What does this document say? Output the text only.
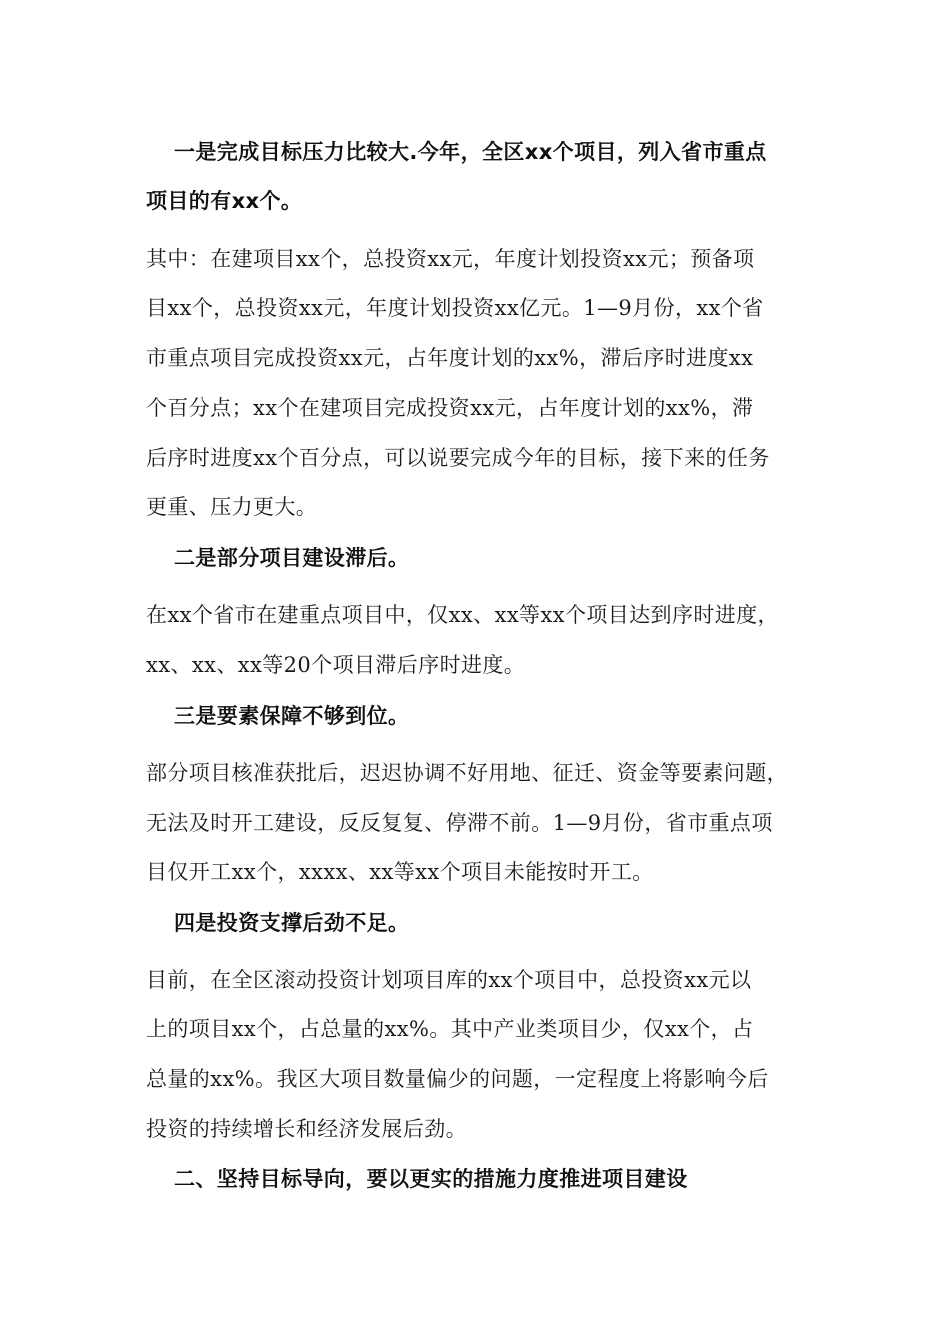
一是完成目标压力比较大.今年，全区xx个项目，列入省市重点
项目的有xx个。
其中：在建项目xx个，总投资xx元，年度计划投资xx元；预备项
目xx个，总投资xx元，年度计划投资xx亿元。1—9月份，xx个省
市重点项目完成投资xx元，占年度计划的xx%，滞后序时进度xx
个百分点；xx个在建项目完成投资xx元，占年度计划的xx%，滞
后序时进度xx个百分点，可以说要完成今年的目标，接下来的任务
更重、压力更大。
二是部分项目建设滞后。
在xx个省市在建重点项目中，仅xx、xx等xx个项目达到序时进度，
xx、xx、xx等20个项目滞后序时进度。
三是要素保障不够到位。
部分项目核准获批后，迟迟协调不好用地、征迁、资金等要素问题，
无法及时开工建设，反反复复、停滞不前。1—9月份，省市重点项
目仅开工xx个，xxxx、xx等xx个项目未能按时开工。
四是投资支撑后劲不足。
目前，在全区滚动投资计划项目库的xx个项目中，总投资xx元以
上的项目xx个，占总量的xx%。其中产业类项目少，仅xx个，占
总量的xx%。我区大项目数量偏少的问题，一定程度上将影响今后
投资的持续增长和经济发展后劲。
二、坚持目标导向，要以更实的措施力度推进项目建设
